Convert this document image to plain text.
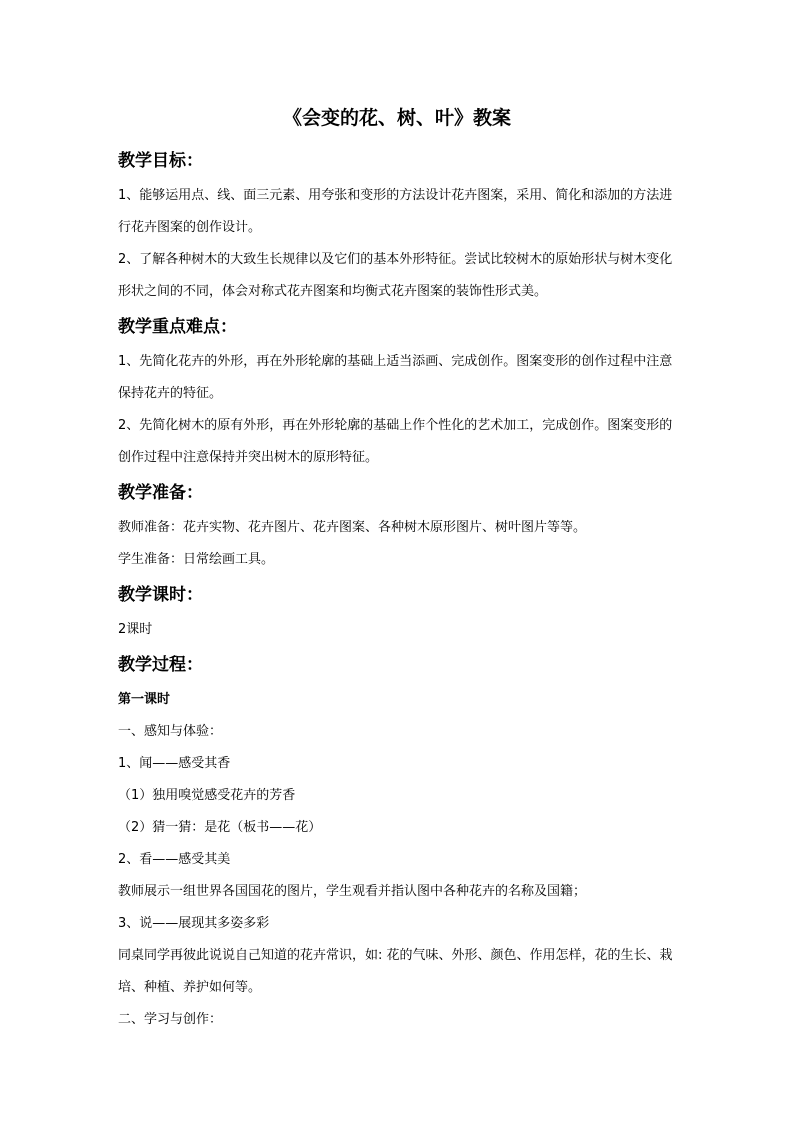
《会变的花、树、叶》教案
教学目标：

1、能够运用点、线、面三元素、用夸张和变形的方法设计花卉图案，采用、简化和添加的方法进行花卉图案的创作设计。

2、了解各种树木的大致生长规律以及它们的基本外形特征。尝试比较树木的原始形状与树木变化形状之间的不同，体会对称式花卉图案和均衡式花卉图案的装饰性形式美。

教学重点难点：

1、先简化花卉的外形，再在外形轮廓的基础上适当添画、完成创作。图案变形的创作过程中注意保持花卉的特征。

2、先简化树木的原有外形，再在外形轮廓的基础上作个性化的艺术加工，完成创作。图案变形的创作过程中注意保持并突出树木的原形特征。

教学准备：

教师准备：花卉实物、花卉图片、花卉图案、各种树木原形图片、树叶图片等等。

学生准备：日常绘画工具。

教学课时：

2课时

教学过程：

第一课时

一、感知与体验：

1、闻——感受其香

（1）独用嗅觉感受花卉的芳香

（2）猜一猜：是花（板书——花）

2、看——感受其美

教师展示一组世界各国国花的图片，学生观看并指认图中各种花卉的名称及国籍；

3、说——展现其多姿多彩

同桌同学再彼此说说自己知道的花卉常识，如: 花的气味、外形、颜色、作用怎样，花的生长、栽培、种植、养护如何等。

二、学习与创作：
